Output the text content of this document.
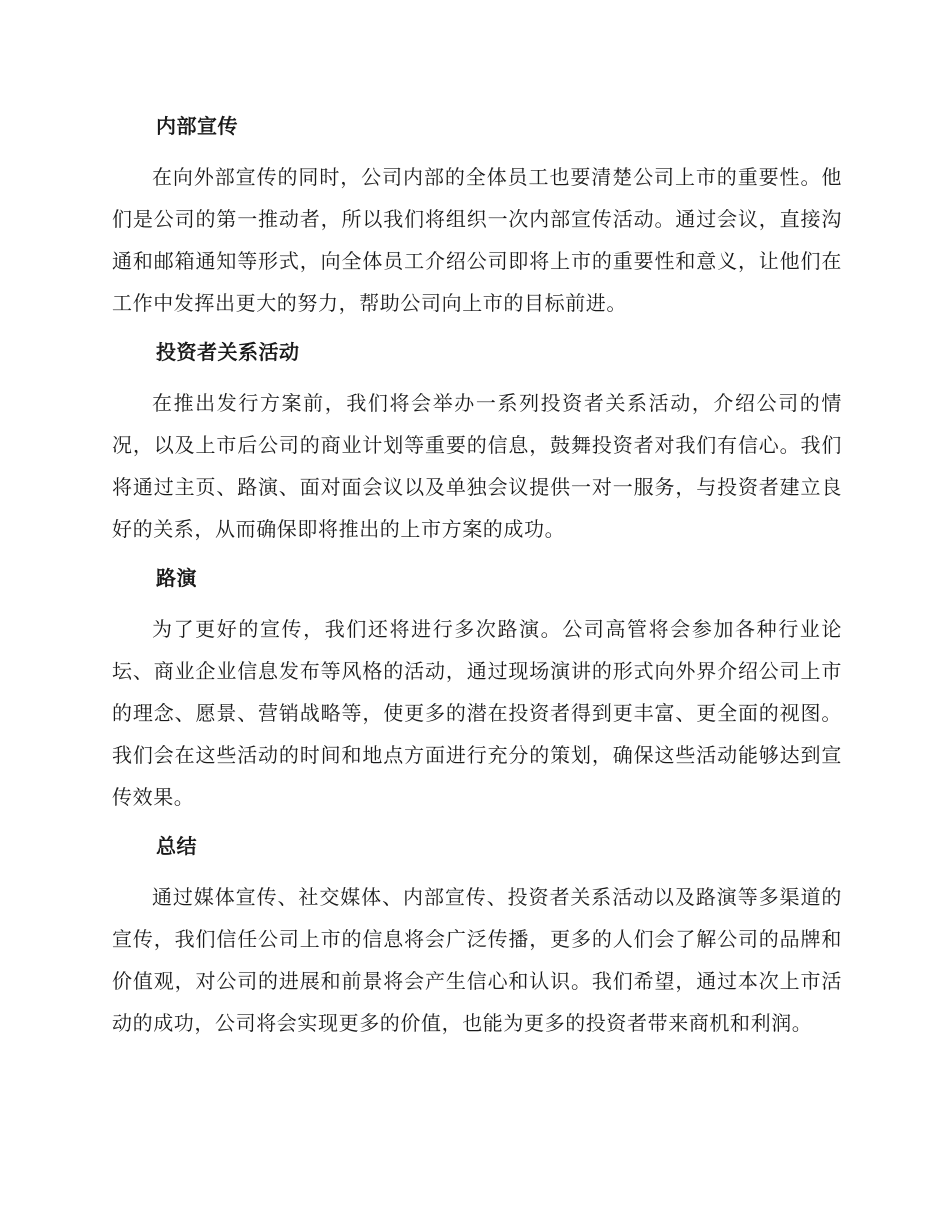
内部宣传

在向外部宣传的同时，公司内部的全体员工也要清楚公司上市的重要性。他们是公司的第一推动者，所以我们将组织一次内部宣传活动。通过会议，直接沟通和邮箱通知等形式，向全体员工介绍公司即将上市的重要性和意义，让他们在工作中发挥出更大的努力，帮助公司向上市的目标前进。

投资者关系活动

在推出发行方案前，我们将会举办一系列投资者关系活动，介绍公司的情况，以及上市后公司的商业计划等重要的信息，鼓舞投资者对我们有信心。我们将通过主页、路演、面对面会议以及单独会议提供一对一服务，与投资者建立良好的关系，从而确保即将推出的上市方案的成功。

路演

为了更好的宣传，我们还将进行多次路演。公司高管将会参加各种行业论坛、商业企业信息发布等风格的活动，通过现场演讲的形式向外界介绍公司上市的理念、愿景、营销战略等，使更多的潜在投资者得到更丰富、更全面的视图。我们会在这些活动的时间和地点方面进行充分的策划，确保这些活动能够达到宣传效果。

总结

通过媒体宣传、社交媒体、内部宣传、投资者关系活动以及路演等多渠道的宣传，我们信任公司上市的信息将会广泛传播，更多的人们会了解公司的品牌和价值观，对公司的进展和前景将会产生信心和认识。我们希望，通过本次上市活动的成功，公司将会实现更多的价值，也能为更多的投资者带来商机和利润。
